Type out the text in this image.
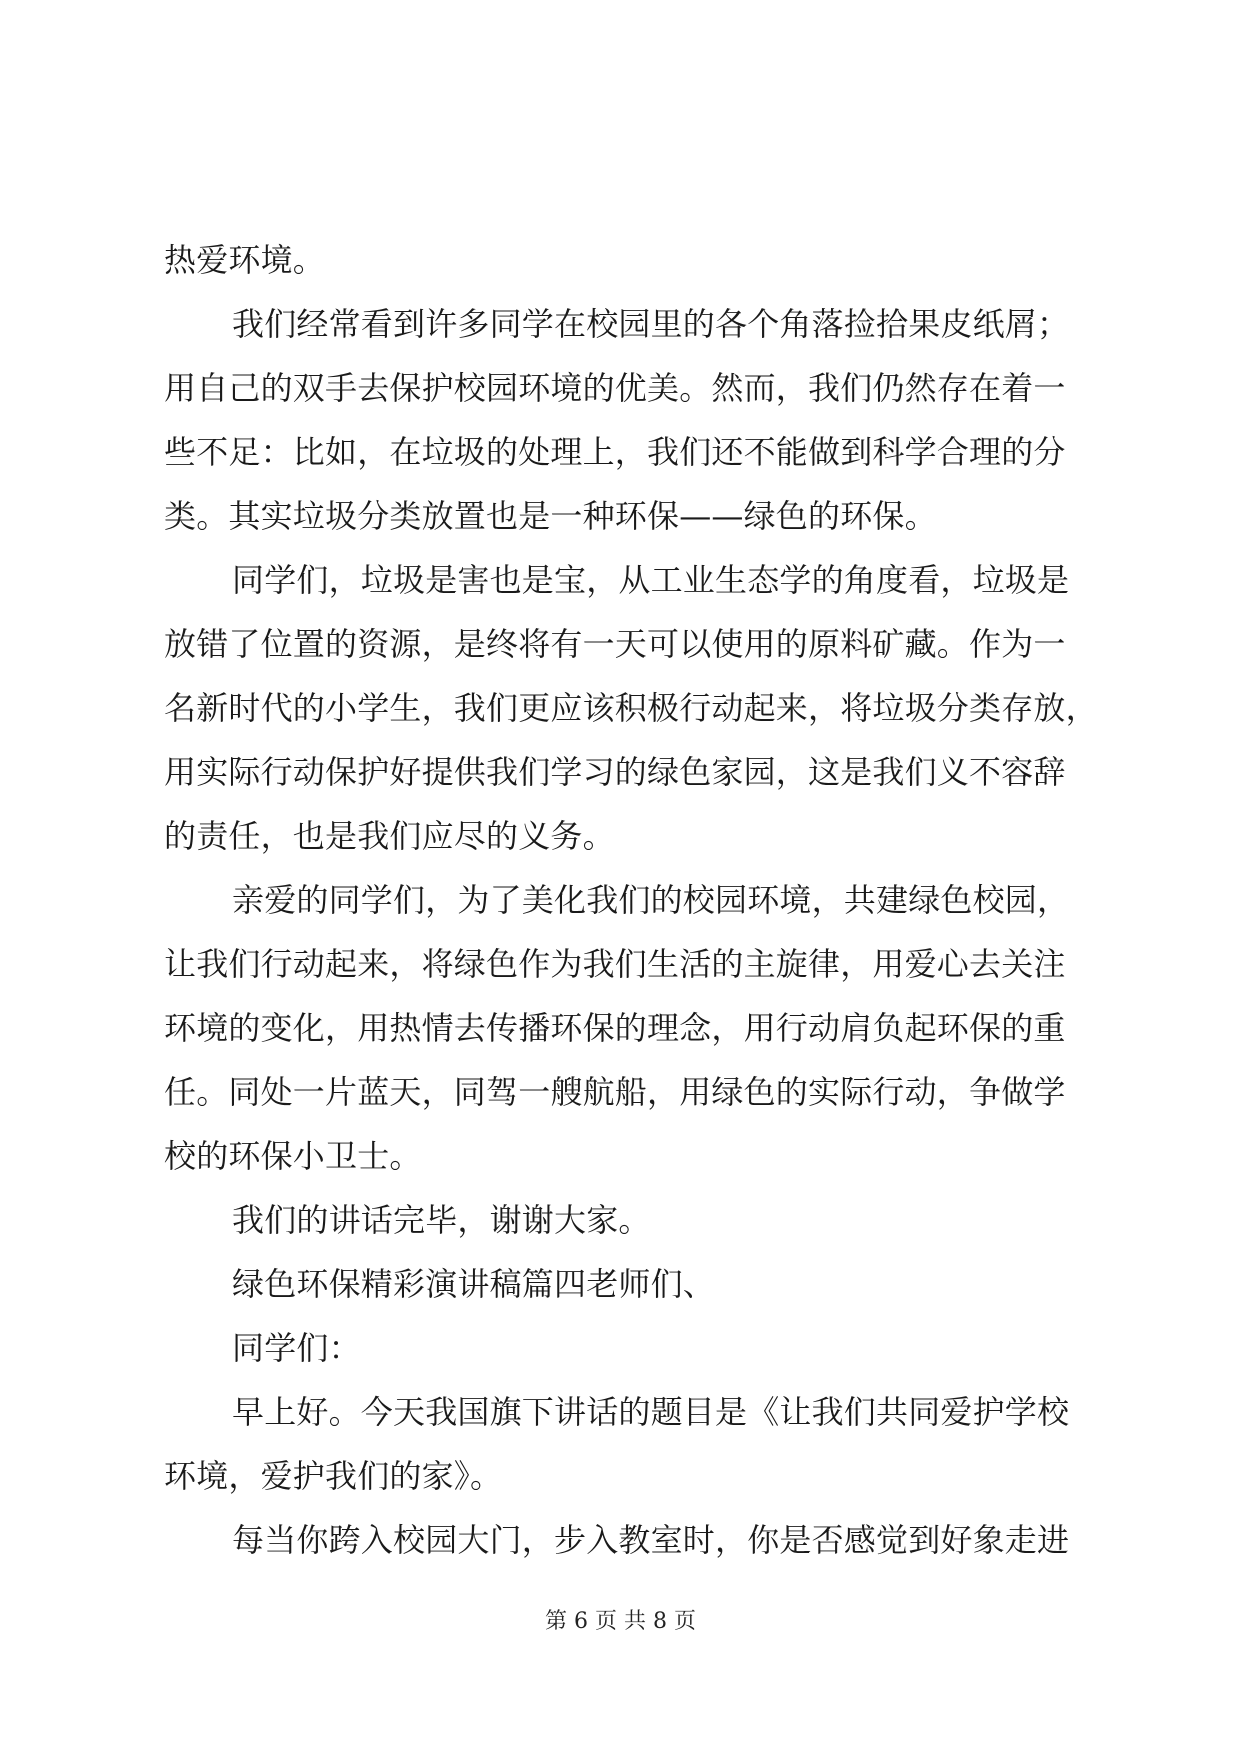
热爱环境。

我们经常看到许多同学在校园里的各个角落捡拾果皮纸屑；

用自己的双手去保护校园环境的优美。然而，我们仍然存在着一

些不足：比如，在垃圾的处理上，我们还不能做到科学合理的分

类。其实垃圾分类放置也是一种环保——绿色的环保。

同学们，垃圾是害也是宝，从工业生态学的角度看，垃圾是

放错了位置的资源，是终将有一天可以使用的原料矿藏。作为一

名新时代的小学生，我们更应该积极行动起来，将垃圾分类存放，

用实际行动保护好提供我们学习的绿色家园，这是我们义不容辞

的责任，也是我们应尽的义务。

亲爱的同学们，为了美化我们的校园环境，共建绿色校园，

让我们行动起来，将绿色作为我们生活的主旋律，用爱心去关注

环境的变化，用热情去传播环保的理念，用行动肩负起环保的重

任。同处一片蓝天，同驾一艘航船，用绿色的实际行动，争做学

校的环保小卫士。

我们的讲话完毕，谢谢大家。

绿色环保精彩演讲稿篇四老师们、

同学们：

早上好。今天我国旗下讲话的题目是《让我们共同爱护学校

环境，爱护我们的家》。

每当你跨入校园大门，步入教室时，你是否感觉到好象走进

第 6 页 共 8 页
